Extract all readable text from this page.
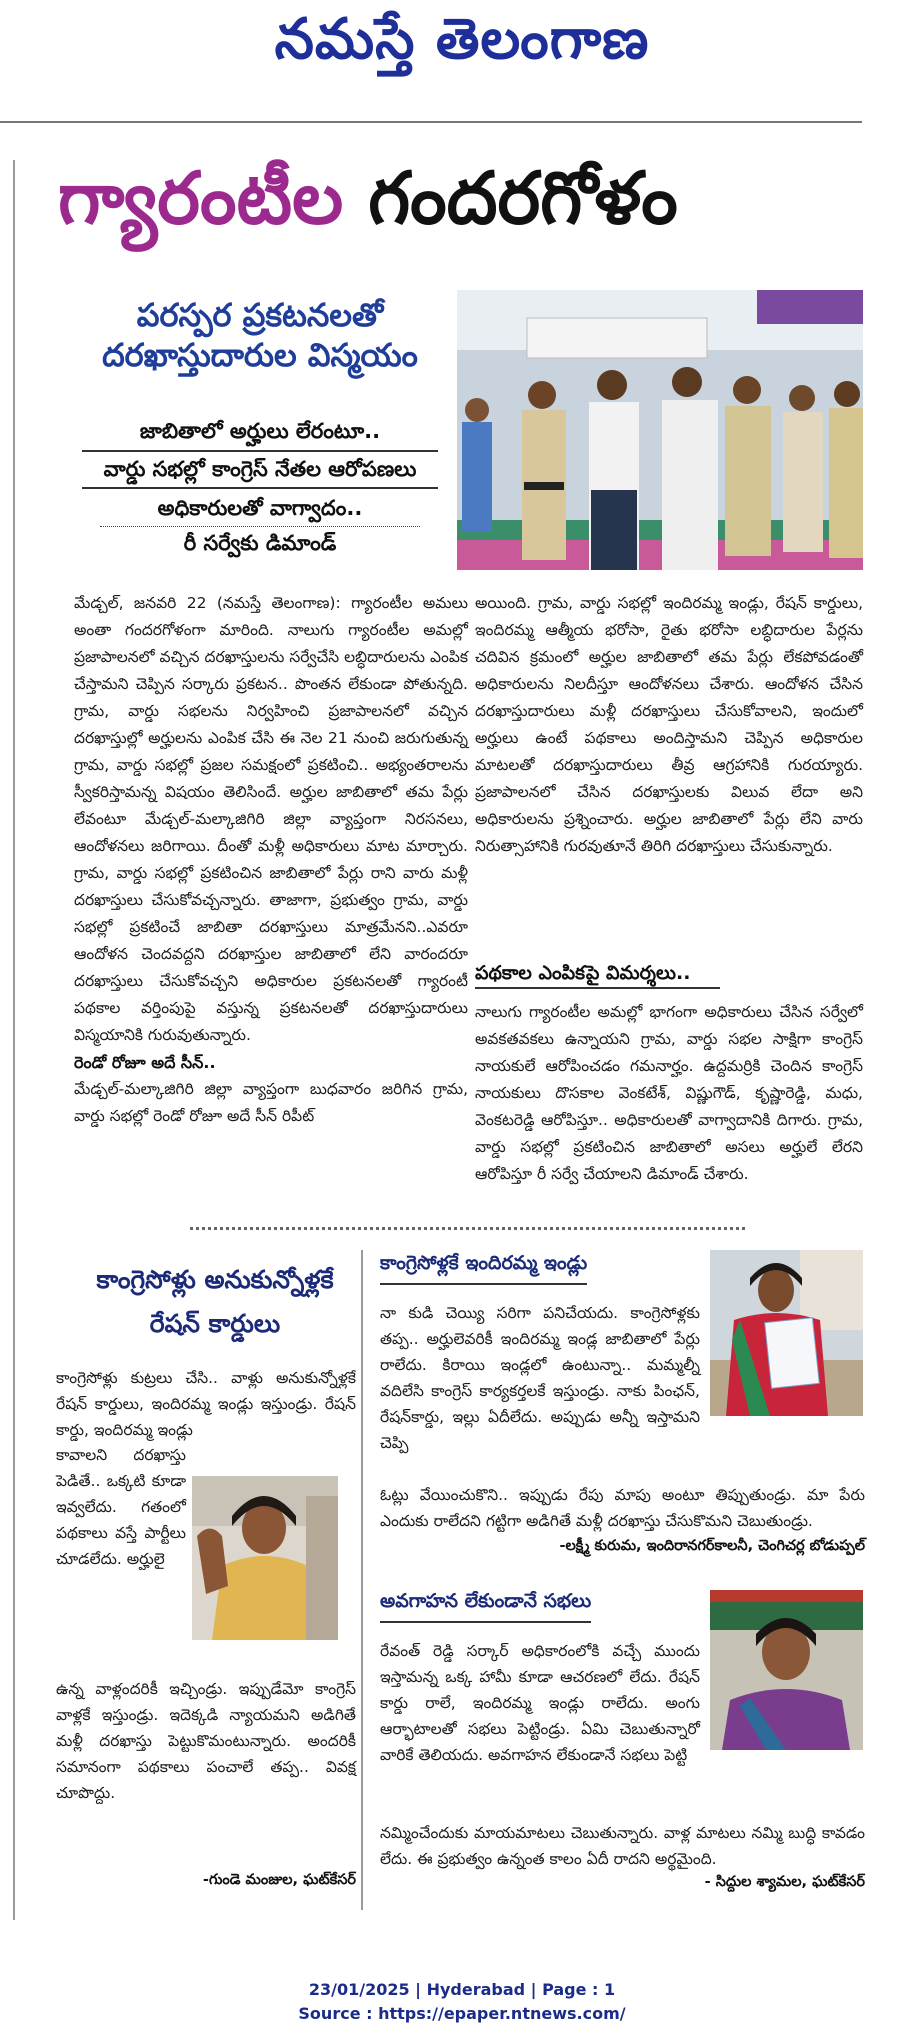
నమస్తే తెలంగాణ
గ్యారంటీల గందరగోళం
పరస్పర ప్రకటనలతో
దరఖాస్తుదారుల విస్మయం
జాబితాలో అర్హులు లేరంటూ..
వార్డు సభల్లో కాంగ్రెస్‌ నేతల ఆరోపణలు
అధికారులతో వాగ్వాదం..
రీ సర్వేకు డిమాండ్‌
మేడ్చల్‌, జనవరి 22 (నమస్తే తెలంగాణ): గ్యారంటీల అమలు అంతా గందరగోళంగా మారింది. నాలుగు గ్యారంటీల అమల్లో ప్రజాపాలనలో వచ్చిన దరఖాస్తులను సర్వేచేసి లబ్ధిదారులను ఎంపిక చేస్తామని చెప్పిన సర్కారు ప్రకటన.. పొంతన లేకుండా పోతున్నది. గ్రామ, వార్డు సభలను నిర్వహించి ప్రజాపాలనలో వచ్చిన దరఖాస్తుల్లో అర్హులను ఎంపిక చేసి ఈ నెల 21 నుంచి జరుగుతున్న గ్రామ, వార్డు సభల్లో ప్రజల సమక్షంలో ప్రకటించి.. అభ్యంతరాలను స్వీకరిస్తామన్న విషయం తెలిసిందే. అర్హుల జాబితాలో తమ పేర్లు లేవంటూ మేడ్చల్‌-మల్కాజిగిరి జిల్లా వ్యాప్తంగా నిరసనలు, ఆందోళనలు జరిగాయి. దీంతో మళ్లీ అధికారులు మాట మార్చారు. గ్రామ, వార్డు సభల్లో ప్రకటించిన జాబితాలో పేర్లు రాని వారు మళ్లీ దరఖాస్తులు చేసుకోవచ్చన్నారు. తాజాగా, ప్రభుత్వం గ్రామ, వార్డు సభల్లో ప్రకటించే జాబితా దరఖాస్తులు మాత్రమేనని..ఎవరూ ఆందోళన చెందవద్దని దరఖాస్తుల జాబితాలో లేని వారందరూ దరఖాస్తులు చేసుకోవచ్చని అధికారుల ప్రకటనలతో గ్యారంటీ పథకాల వర్తింపుపై వస్తున్న ప్రకటనలతో దరఖాస్తుదారులు విస్మయానికి గురువుతున్నారు.
రెండో రోజూ అదే సీన్‌..
మేడ్చల్‌-మల్కాజిగిరి జిల్లా వ్యాప్తంగా బుధవారం జరిగిన గ్రామ, వార్డు సభల్లో రెండో రోజూ అదే సీన్‌ రిపీట్‌
అయింది. గ్రామ, వార్డు సభల్లో ఇందిరమ్మ ఇండ్లు, రేషన్‌ కార్డులు, ఇందిరమ్మ ఆత్మీయ భరోసా, రైతు భరోసా లబ్ధిదారుల పేర్లను చదివిన క్రమంలో అర్హుల జాబితాలో తమ పేర్లు లేకపోవడంతో అధికారులను నిలదీస్తూ ఆందోళనలు చేశారు. ఆందోళన చేసిన దరఖాస్తుదారులు మళ్లీ దరఖాస్తులు చేసుకోవాలని, ఇందులో అర్హులు ఉంటే పథకాలు అందిస్తామని చెప్పిన అధికారుల మాటలతో దరఖాస్తుదారులు తీవ్ర ఆగ్రహానికి గురయ్యారు. ప్రజాపాలనలో చేసిన దరఖాస్తులకు విలువ లేదా అని అధికారులను ప్రశ్నించారు. అర్హుల జాబితాలో పేర్లు లేని వారు నిరుత్సాహానికి గురవుతూనే తిరిగి దరఖాస్తులు చేసుకున్నారు.
పథకాల ఎంపికపై విమర్శలు..
నాలుగు గ్యారంటీల అమల్లో భాగంగా అధికారులు చేసిన సర్వేలో అవకతవకలు ఉన్నాయని గ్రామ, వార్డు సభల సాక్షిగా కాంగ్రెస్‌ నాయకులే ఆరోపించడం గమనార్హం. ఉద్దమర్రికి చెందిన కాంగ్రెస్‌ నాయకులు దొసకాల వెంకటేశ్‌, విష్ణుగౌడ్‌, కృష్ణారెడ్డి, మధు, వెంకటరెడ్డి ఆరోపిస్తూ.. అధికారులతో వాగ్వాదానికి దిగారు. గ్రామ, వార్డు సభల్లో ప్రకటించిన జాబితాలో అసలు అర్హులే లేరని ఆరోపిస్తూ రీ సర్వే చేయాలని డిమాండ్‌ చేశారు.
కాంగ్రెసోళ్లు అనుకున్నోళ్లకే
రేషన్‌ కార్డులు
కాంగ్రెసోళ్లు కుట్రలు చేసి.. వాళ్లు అనుకున్నోళ్లకే రేషన్‌ కార్డులు, ఇందిరమ్మ ఇండ్లు ఇస్తుండ్రు. రేషన్‌ కార్డు, ఇందిరమ్మ ఇండ్లు
కావాలని దరఖాస్తు పెడితే.. ఒక్కటి కూడా ఇవ్వలేదు. గతంలో పథకాలు వస్తే పార్టీలు చూడలేదు. అర్హులై
ఉన్న వాళ్లందరికీ ఇచ్చిండ్రు. ఇప్పుడేమో కాంగ్రెస్‌ వాళ్లకే ఇస్తుండ్రు. ఇదెక్కడి న్యాయమని అడిగితే మళ్లీ దరఖాస్తు పెట్టుకొమంటున్నారు. అందరికీ సమానంగా పథకాలు పంచాలే తప్ప.. వివక్ష చూపొద్దు.
-గుండె మంజుల, ఘట్‌కేసర్‌
కాంగ్రెసోళ్లకే ఇందిరమ్మ ఇండ్లు
నా కుడి చెయ్యి సరిగా పనిచేయదు. కాంగ్రెసోళ్లకు తప్ప.. అర్హులెవరికీ ఇందిరమ్మ ఇండ్ల జాబితాలో పేర్లు రాలేదు. కిరాయి ఇండ్లలో ఉంటున్నా.. మమ్మల్నీ వదిలేసి కాంగ్రెస్‌ కార్యకర్తలకే ఇస్తుండ్రు. నాకు పింఛన్‌, రేషన్‌కార్డు, ఇల్లు ఏదీలేదు. అప్పుడు అన్నీ ఇస్తామని చెప్పి
ఓట్లు వేయించుకొని.. ఇప్పుడు రేపు మాపు అంటూ తిప్పుతుండ్రు. మా పేరు ఎందుకు రాలేదని గట్టిగా అడిగితే మళ్లీ దరఖాస్తు చేసుకొమని చెబుతుండ్రు.
-లక్ష్మీ కురుమ, ఇందిరానగర్‌కాలనీ, చెంగిచర్ల బోడుప్పల్‌
అవగాహన లేకుండానే సభలు
రేవంత్‌ రెడ్డి సర్కార్‌ అధికారంలోకి వచ్చే ముందు ఇస్తామన్న ఒక్క హామీ కూడా ఆచరణలో లేదు. రేషన్‌ కార్డు రాలే, ఇందిరమ్మ ఇండ్లు రాలేదు. అంగు ఆర్భాటాలతో సభలు పెట్టిండ్రు. ఏమి చెబుతున్నారో వారికే తెలియదు. అవగాహన లేకుండానే సభలు పెట్టి
నమ్మించేందుకు మాయమాటలు చెబుతున్నారు. వాళ్ల మాటలు నమ్మి బుద్ధి కావడం లేదు. ఈ ప్రభుత్వం ఉన్నంత కాలం ఏదీ రాదని అర్థమైంది.
- సిద్దుల శ్యామల, ఘట్‌కేసర్‌
23/01/2025 | Hyderabad | Page : 1
Source : https://epaper.ntnews.com/
